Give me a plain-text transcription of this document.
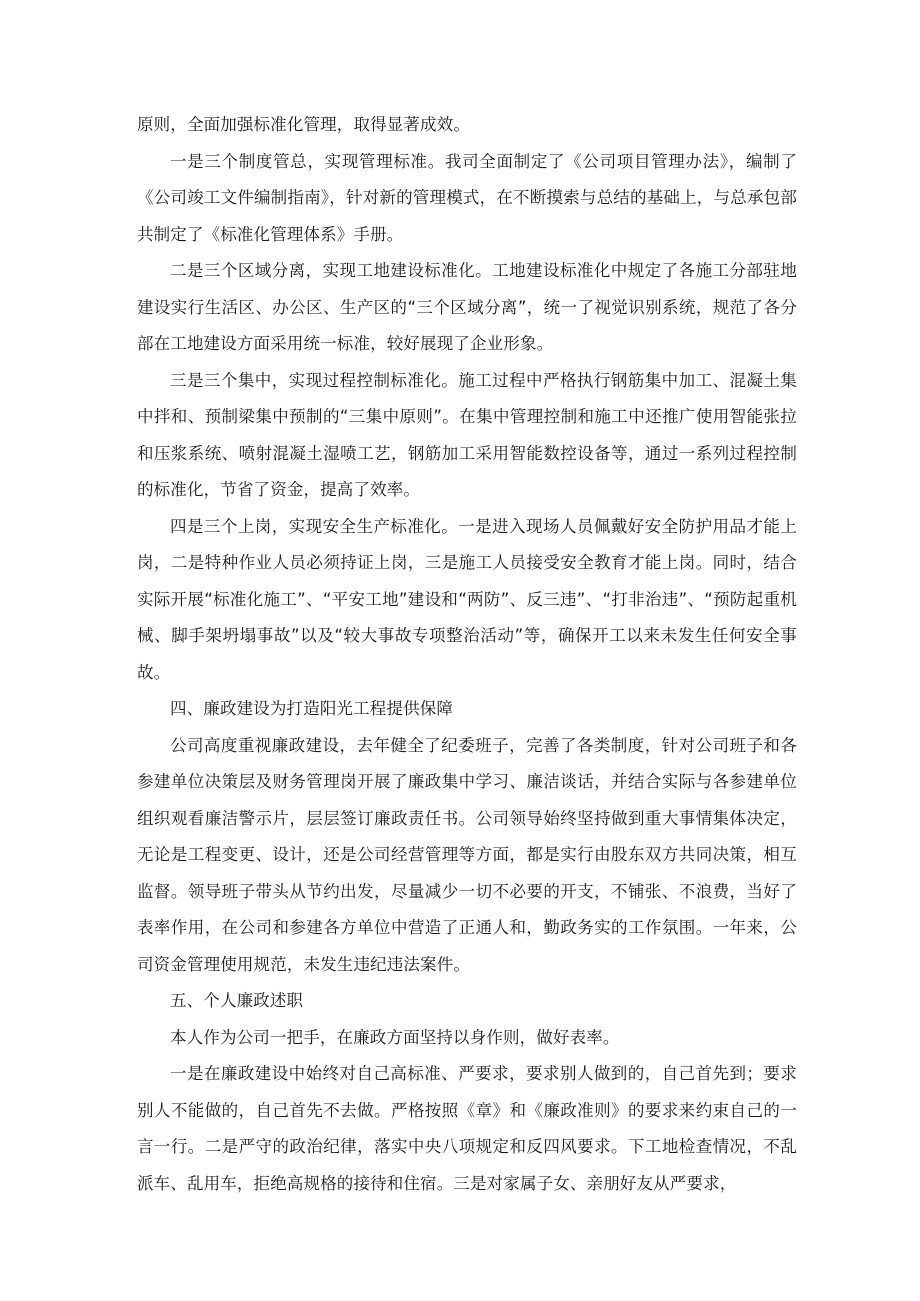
原则，全面加强标准化管理，取得显著成效。

一是三个制度管总，实现管理标准。我司全面制定了《公司项目管理办法》，编制了《公司竣工文件编制指南》，针对新的管理模式，在不断摸索与总结的基础上，与总承包部共制定了《标准化管理体系》手册。

二是三个区域分离，实现工地建设标准化。工地建设标准化中规定了各施工分部驻地建设实行生活区、办公区、生产区的“三个区域分离”，统一了视觉识别系统，规范了各分部在工地建设方面采用统一标准，较好展现了企业形象。

三是三个集中，实现过程控制标准化。施工过程中严格执行钢筋集中加工、混凝土集中拌和、预制梁集中预制的“三集中原则”。在集中管理控制和施工中还推广使用智能张拉和压浆系统、喷射混凝土湿喷工艺，钢筋加工采用智能数控设备等，通过一系列过程控制的标准化，节省了资金，提高了效率。

四是三个上岗，实现安全生产标准化。一是进入现场人员佩戴好安全防护用品才能上岗，二是特种作业人员必须持证上岗，三是施工人员接受安全教育才能上岗。同时，结合实际开展“标准化施工”、“平安工地”建设和“两防”、反三违”、“打非治违”、“预防起重机械、脚手架坍塌事故”以及“较大事故专项整治活动”等，确保开工以来未发生任何安全事故。

四、廉政建设为打造阳光工程提供保障

公司高度重视廉政建设，去年健全了纪委班子，完善了各类制度，针对公司班子和各参建单位决策层及财务管理岗开展了廉政集中学习、廉洁谈话，并结合实际与各参建单位组织观看廉洁警示片，层层签订廉政责任书。公司领导始终坚持做到重大事情集体决定，无论是工程变更、设计，还是公司经营管理等方面，都是实行由股东双方共同决策，相互监督。领导班子带头从节约出发，尽量减少一切不必要的开支，不铺张、不浪费，当好了表率作用，在公司和参建各方单位中营造了正通人和，勤政务实的工作氛围。一年来，公司资金管理使用规范，未发生违纪违法案件。

五、个人廉政述职

本人作为公司一把手，在廉政方面坚持以身作则，做好表率。

一是在廉政建设中始终对自己高标准、严要求，要求别人做到的，自己首先到；要求别人不能做的，自己首先不去做。严格按照《章》和《廉政准则》的要求来约束自己的一言一行。二是严守的政治纪律，落实中央八项规定和反四风要求。下工地检查情况，不乱派车、乱用车，拒绝高规格的接待和住宿。三是对家属子女、亲朋好友从严要求，
